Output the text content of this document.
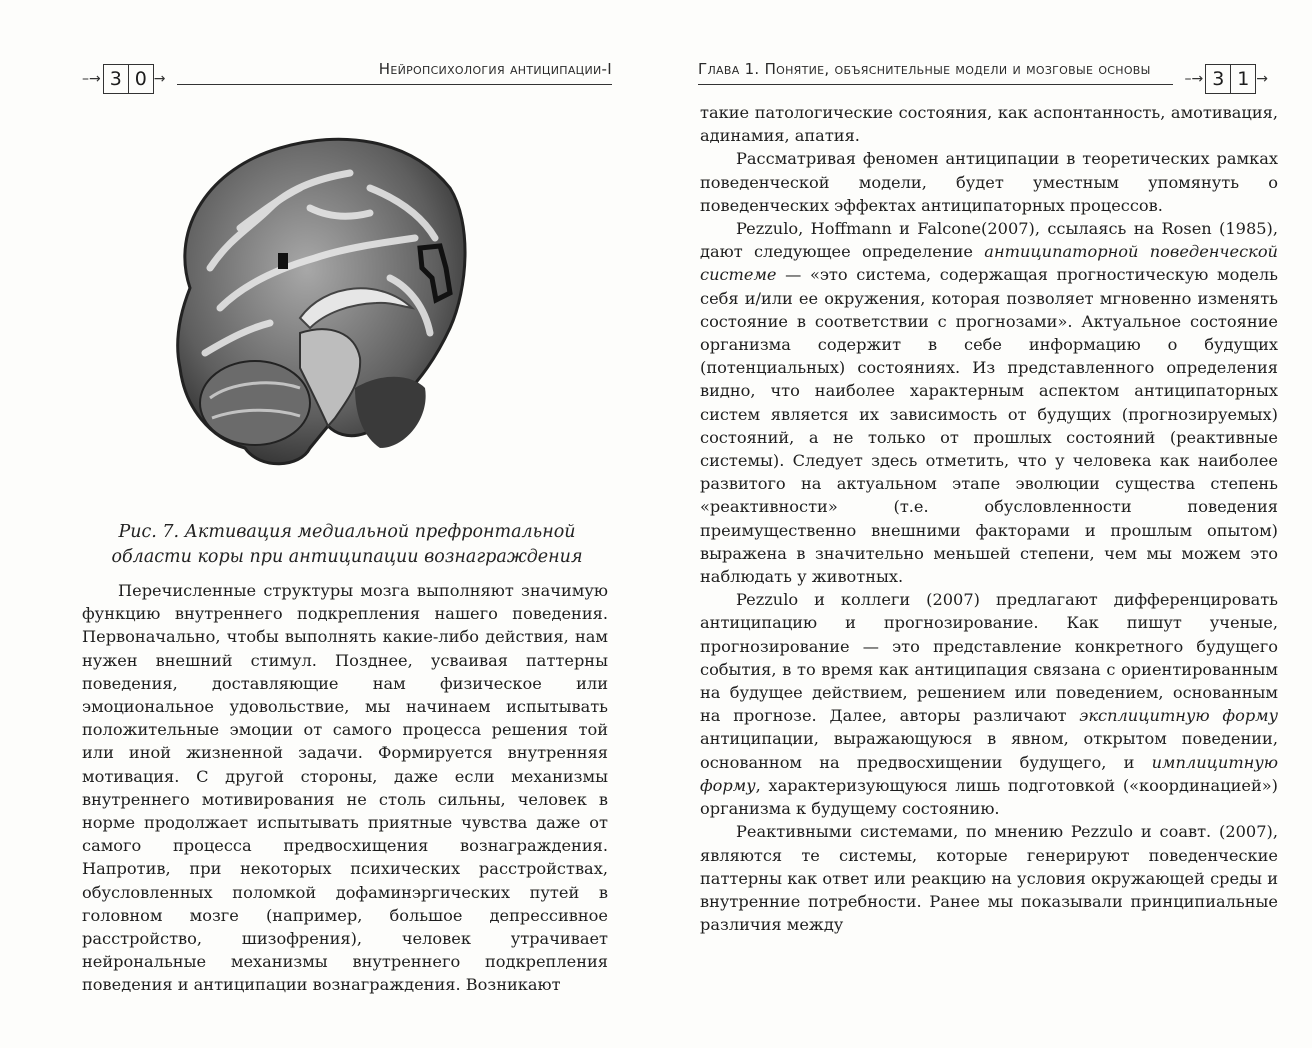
–→ 3 0 →
Нейропсихология антиципации-I
Рис. 7. Активация медиальной префронтальной области коры при антиципации вознаграждения

Перечисленные структуры мозга выполняют значимую функцию внутреннего подкрепления нашего поведения. Первоначально, чтобы выполнять какие-либо действия, нам нужен внешний стимул. Позднее, усваивая паттерны поведения, доставляющие нам физическое или эмоциональное удовольствие, мы начинаем испытывать положительные эмоции от самого процесса решения той или иной жизненной задачи. Формируется внутренняя мотивация. С другой стороны, даже если механизмы внутреннего мотивирования не столь сильны, человек в норме продолжает испытывать приятные чувства даже от самого процесса предвосхищения вознаграждения. Напротив, при некоторых психических расстройствах, обусловленных поломкой дофаминэргических путей в головном мозге (например, большое депрессивное расстройство, шизофрения), человек утрачивает нейрональные механизмы внутреннего подкрепления поведения и антиципации вознаграждения. Возникают

Глава 1. Понятие, объяснительные модели и мозговые основы
–→ 3 1 →

такие патологические состояния, как аспонтанность, амотивация, адинамия, апатия.

Рассматривая феномен антиципации в теоретических рамках поведенческой модели, будет уместным упомянуть о поведенческих эффектах антиципаторных процессов.

Pezzulo, Hoffmann и Falcone(2007), ссылаясь на Rosen (1985), дают следующее определение антиципаторной поведенческой системе — «это система, содержащая прогностическую модель себя и/или ее окружения, которая позволяет мгновенно изменять состояние в соответствии с прогнозами». Актуальное состояние организма содержит в себе информацию о будущих (потенциальных) состояниях. Из представленного определения видно, что наиболее характерным аспектом антиципаторных систем является их зависимость от будущих (прогнозируемых) состояний, а не только от прошлых состояний (реактивные системы). Следует здесь отметить, что у человека как наиболее развитого на актуальном этапе эволюции существа степень «реактивности» (т.е. обусловленности поведения преимущественно внешними факторами и прошлым опытом) выражена в значительно меньшей степени, чем мы можем это наблюдать у животных.

Pezzulo и коллеги (2007) предлагают дифференцировать антиципацию и прогнозирование. Как пишут ученые, прогнозирование — это представление конкретного будущего события, в то время как антиципация связана с ориентированным на будущее действием, решением или поведением, основанным на прогнозе. Далее, авторы различают эксплицитную форму антиципации, выражающуюся в явном, открытом поведении, основанном на предвосхищении будущего, и имплицитную форму, характеризующуюся лишь подготовкой («координацией») организма к будущему состоянию.

Реактивными системами, по мнению Pezzulo и соавт. (2007), являются те системы, которые генерируют поведенческие паттерны как ответ или реакцию на условия окружающей среды и внутренние потребности. Ранее мы показывали принципиальные различия между
